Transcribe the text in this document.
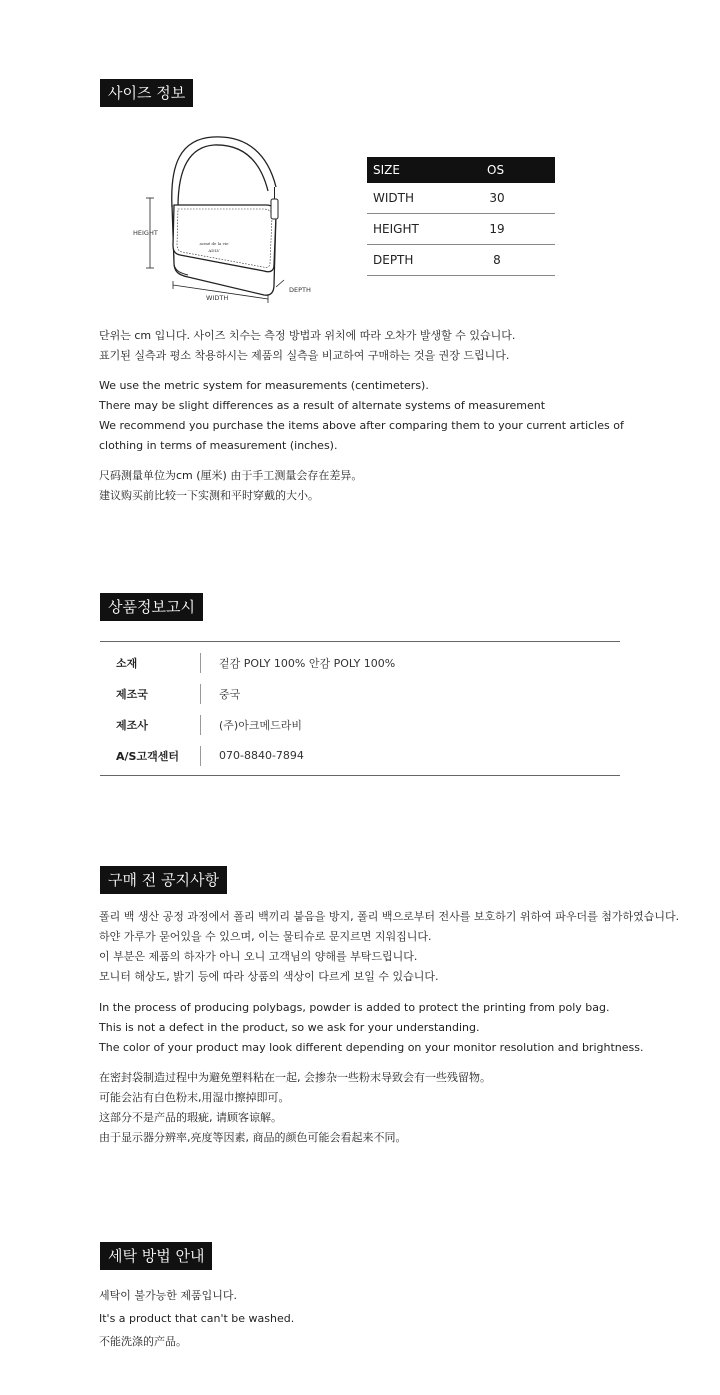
사이즈 정보
acmé de la vie
ADLV
HEIGHT
WIDTH
DEPTH
SIZE	OS
WIDTH	30
HEIGHT	19
DEPTH	8
단위는 cm 입니다. 사이즈 치수는 측정 방법과 위치에 따라 오차가 발생할 수 있습니다.
표기된 실측과 평소 착용하시는 제품의 실측을 비교하여 구매하는 것을 권장 드립니다.
We use the metric system for measurements (centimeters).
There may be slight differences as a result of alternate systems of measurement
We recommend you purchase the items above after comparing them to your current articles of
clothing in terms of measurement (inches).
尺码测量单位为cm (厘米) 由于手工测量会存在差异。
建议购买前比较一下实测和平时穿戴的大小。
상품정보고시
소재	겉감 POLY 100% 안감 POLY 100%
제조국	중국
제조사	(주)아크메드라비
A/S고객센터	070-8840-7894
구매 전 공지사항
폴리 백 생산 공정 과정에서 폴리 백끼리 붙음을 방지, 폴리 백으로부터 전사를 보호하기 위하여 파우더를 첨가하였습니다.
하얀 가루가 묻어있을 수 있으며, 이는 물티슈로 문지르면 지워집니다.
이 부분은 제품의 하자가 아니 오니 고객님의 양해를 부탁드립니다.
모니터 해상도, 밝기 등에 따라 상품의 색상이 다르게 보일 수 있습니다.
In the process of producing polybags, powder is added to protect the printing from poly bag.
This is not a defect in the product, so we ask for your understanding.
The color of your product may look different depending on your monitor resolution and brightness.
在密封袋制造过程中为避免塑料粘在一起, 会掺杂一些粉末导致会有一些残留物。
可能会沾有白色粉末,用湿巾擦掉即可。
这部分不是产品的瑕疵, 请顾客谅解。
由于显示器分辨率,亮度等因素, 商品的颜色可能会看起来不同。
세탁 방법 안내
세탁이 불가능한 제품입니다.
It's a product that can't be washed.
不能洗涤的产品。
